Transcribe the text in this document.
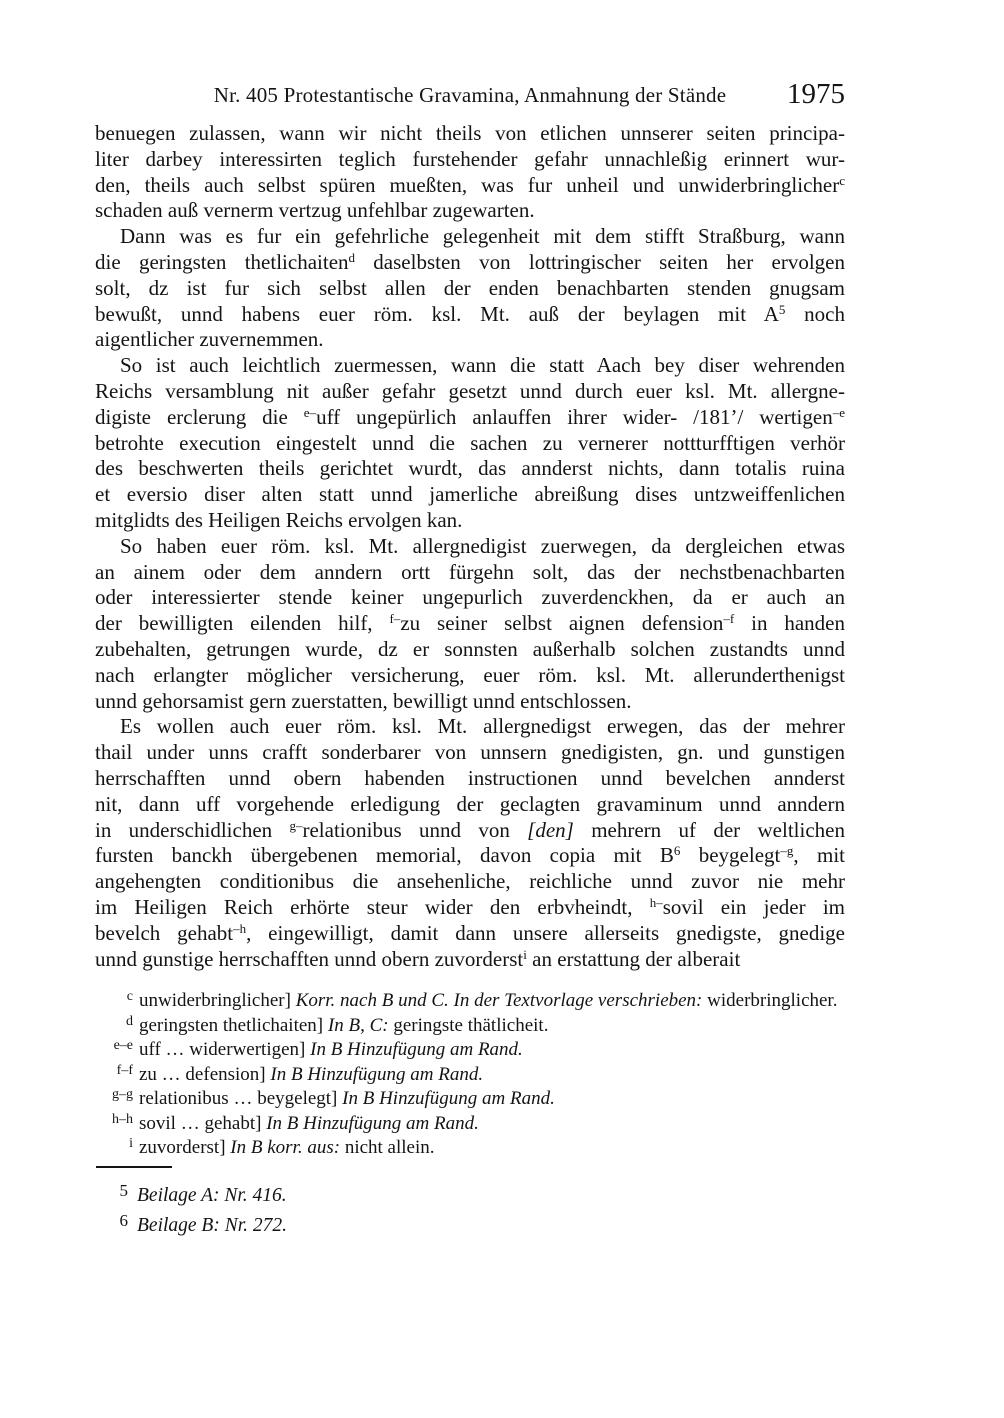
Nr. 405 Protestantische Gravamina, Anmahnung der Stände	1975
benuegen zulassen, wann wir nicht theils von etlichen unnserer seiten principa-
liter darbey interessirten teglich furstehender gefahr unnachleßig erinnert wur-
den, theils auch selbst spüren mueßten, was fur unheil und unwiderbringlicher$^c$
schaden auß vernerm vertzug unfehlbar zugewarten.
Dann was es fur ein gefehrliche gelegenheit mit dem stifft Straßburg, wann
die geringsten thetlichaiten$^d$ daselbsten von lottringischer seiten her ervolgen
solt, dz ist fur sich selbst allen der enden benachbarten stenden gnugsam
bewußt, unnd habens euer röm. ksl. Mt. auß der beylagen mit $A^5$ noch
aigentlicher zuvernemmen.
So ist auch leichtlich zuermessen, wann die statt Aach bey diser wehrenden
Reichs versamblung nit außer gefahr gesetzt unnd durch euer ksl. Mt. allergne-
digiste erclerung die $^{e-}$uff ungepürlich anlauffen ihrer wider- /181’/ wertigen$^{-e}$
betrohte execution eingestelt unnd die sachen zu vernerer nottturfftigen verhör
des beschwerten theils gerichtet wurdt, das annderst nichts, dann totalis ruina
et eversio diser alten statt unnd jamerliche abreißung dises untzweiffenlichen
mitglidts des Heiligen Reichs ervolgen kan.
So haben euer röm. ksl. Mt. allergnedigist zuerwegen, da dergleichen etwas
an ainem oder dem anndern ortt fürgehn solt, das der nechstbenachbarten
oder interessierter stende keiner ungepurlich zuverdenckhen, da er auch an
der bewilligten eilenden hilf, $^{f-}$zu seiner selbst aignen defension$^{-f}$ in handen
zubehalten, getrungen wurde, dz er sonnsten außerhalb solchen zustandts unnd
nach erlangter möglicher versicherung, euer röm. ksl. Mt. allerunderthenigst
unnd gehorsamist gern zuerstatten, bewilligt unnd entschlossen.
Es wollen auch euer röm. ksl. Mt. allergnedigst erwegen, das der mehrer
thail under unns crafft sonderbarer von unnsern gnedigisten, gn. und gunstigen
herrschafften unnd obern habenden instructionen unnd bevelchen annderst
nit, dann uff vorgehende erledigung der geclagten gravaminum unnd anndern
in underschidlichen $^{g-}$relationibus unnd von [den] mehrern uf der weltlichen
fursten banckh übergebenen memorial, davon copia mit $B^6$ beygelegt$^{-g}$, mit
angehengten conditionibus die ansehenliche, reichliche unnd zuvor nie mehr
im Heiligen Reich erhörte steur wider den erbvheindt, $^{h-}$sovil ein jeder im
bevelch gehabt$^{-h}$, eingewilligt, damit dann unsere allerseits gnedigste, gnedige
unnd gunstige herrschafften unnd obern zuvorderst$^i$ an erstattung der alberait
c unwiderbringlicher] Korr. nach B und C. In der Textvorlage verschrieben: widerbringlicher.
d geringsten thetlichaiten] In B, C: geringste thätlicheit.
e–e uff … widerwertigen] In B Hinzufügung am Rand.
f–f zu … defension] In B Hinzufügung am Rand.
g–g relationibus … beygelegt] In B Hinzufügung am Rand.
h–h sovil … gehabt] In B Hinzufügung am Rand.
i zuvorderst] In B korr. aus: nicht allein.
5 Beilage A: Nr. 416.
6 Beilage B: Nr. 272.
